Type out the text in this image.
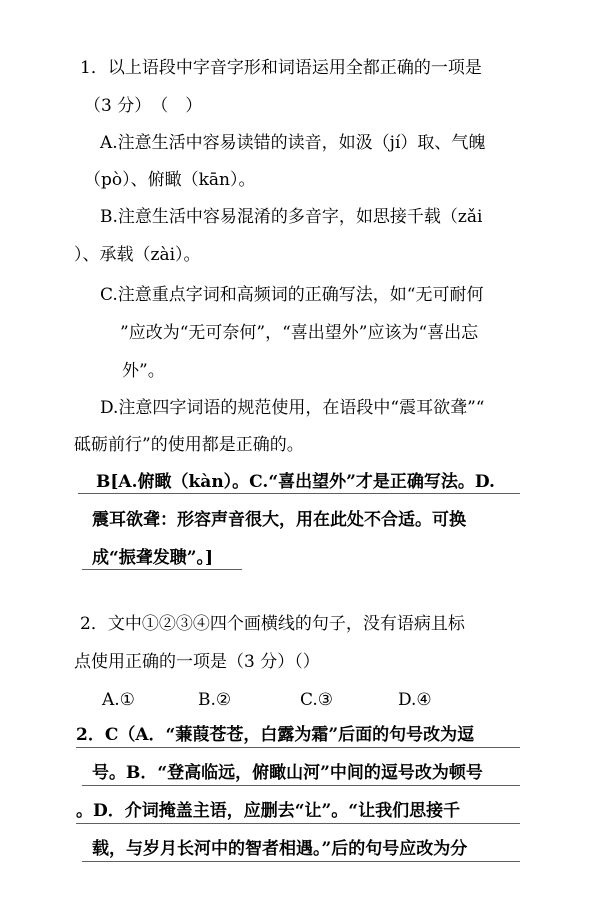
1．以上语段中字音字形和词语运用全都正确的一项是
（3 分）　（　）
A.注意生活中容易读错的读音，如汲（jí）取、气魄
（pò）、俯瞰（kān）。
B.注意生活中容易混淆的多音字，如思接千载（zǎi
）、承载（zài）。
C.注意重点字词和高频词的正确写法，如“无可耐何
”应改为“无可奈何”，“喜出望外”应该为“喜出忘
外”。
D.注意四字词语的规范使用，在语段中“震耳欲聋”“
砥砺前行”的使用都是正确的。
B[A.俯瞰（kàn）。C.“喜出望外”才是正确写法。D.
震耳欲聋：形容声音很大，用在此处不合适。可换
成“振聋发聩”。]
2．文中①②③④四个画横线的句子，没有语病且标
点使用正确的一项是（3 分）（）
A.①	B.②	C.③	D.④
2．C（A．“蒹葭苍苍，白露为霜”后面的句号改为逗
号。B．“登高临远，俯瞰山河”中间的逗号改为顿号
。D．介词掩盖主语，应删去“让”。“让我们思接千
载，与岁月长河中的智者相遇。”后的句号应改为分
